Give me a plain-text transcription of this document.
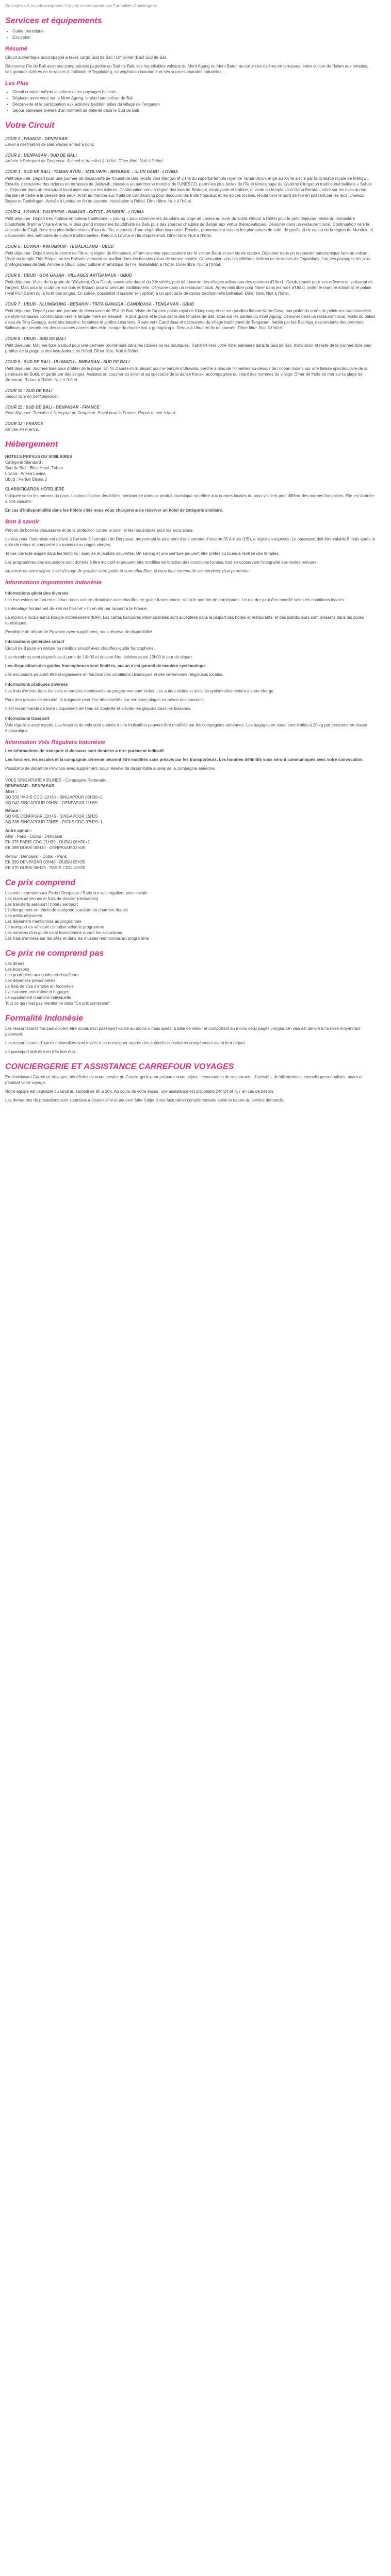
Description À ce prix comprend / Ce prix ne comprend pas Formalités Conciergerie
Services et équipements
• Guide touristique
• Excursion
Résumé

Circuit authentique accompagné à taxes cargo Sud de Bali ! Ombilinet (Bali) Sud de Bali

Découvrez l'île de Bali avec ses somptueuses pagodes au Sud de Bali, ses inoubliables volcans du Mont Agung ou Mont Batur, au cœur des rizières en terrasses, entre culture de l'islam aux temples, ses grandes rizières en terrasses à Jatiluwih et Tegalalang, sa végétation luxuriante et ses sources chaudes naturelles...

Les Plus
• Circuit complet mêlant la culture et les paysages balinais
• Déplacer avec vous sur le Mont Agung, le plus haut volcan de Bali
• Découverte et la participation aux activités traditionnelles du village de Tenganan
• Séjour balnéaire préféré d'un moment de détente dans le Sud de Bali
Votre Circuit
JOUR 1 : FRANCE - DENPASAR
Envol à destination de Bali. Repas et nuit à bord.
JOUR 2 : DENPASAR - SUD DE BALI
Arrivée à l'aéroport de Denpasar. Accueil et transfert à l'hôtel. Dîner libre. Nuit à l'hôtel.
JOUR 3 : SUD DE BALI - TAMAN AYUN - JATILUWIH - BEDUGUL - ULUN DANU - LOVINA

Petit déjeuner. Départ pour une journée de découverte de l'Ouest de Bali. Route vers Mengwi et visite du superbe temple royal de Taman Ayun, érigé au XVIIe siècle par la dynastie royale de Mengwi. Ensuite, découverte des rizières en terrasses de Jatiluwih, classées au patrimoine mondial de l'UNESCO, parmi les plus belles de l'île et témoignage du système d'irrigation traditionnel balinais « Subak ». Déjeuner dans un restaurant local avec vue sur les rizières. Continuation vers la région des lacs de Bedugul, verdoyante et fraîche, et visite du temple Ulun Danu Beratan, situé sur les rives du lac Beratan et dédié à la déesse des eaux. Arrêt au marché aux fruits de Candikuning pour découvrir les fruits tropicaux et les épices locales. Route vers le nord de l'île en passant par les lacs jumeaux Buyan et Tamblingan. Arrivée à Lovina en fin de journée. Installation à l'hôtel. Dîner libre. Nuit à l'hôtel.

JOUR 4 : LOVINA - DAUPHINS - BANJAR - GITGIT - MUNDUK - LOVINA

Petit déjeuner. Départ très matinal en bateau traditionnel « jukung » pour observer les dauphins au large de Lovina au lever du soleil. Retour à l'hôtel pour le petit déjeuner. Visite du monastère bouddhiste Brahma Vihara Arama, le plus grand monastère bouddhiste de Bali, puis des sources chaudes de Banjar aux vertus thérapeutiques. Déjeuner dans un restaurant local. Continuation vers la cascade de Gitgit, l'une des plus belles chutes d'eau de l'île, entourée d'une végétation luxuriante. Ensuite, promenade à travers les plantations de café, de girofle et de cacao de la région de Munduk, et découverte des méthodes de culture traditionnelles. Retour à Lovina en fin d'après-midi. Dîner libre. Nuit à l'hôtel.

JOUR 5 : LOVINA - KINTAMANI - TEGALALANG - UBUD

Petit déjeuner. Départ vers le centre de l'île et la région de Kintamani, offrant une vue spectaculaire sur le volcan Batur et son lac de cratère. Déjeuner dans un restaurant panoramique face au volcan. Visite du temple Tirta Empul, où les Balinais viennent se purifier dans les bassins d'eau de source sacrée. Continuation vers les célèbres rizières en terrasses de Tegalalang, l'un des paysages les plus photographiés de Bali. Arrivée à Ubud, cœur culturel et artistique de l'île. Installation à l'hôtel. Dîner libre. Nuit à l'hôtel.

JOUR 6 : UBUD - GOA GAJAH - VILLAGES ARTISANAUX - UBUD

Petit déjeuner. Visite de la grotte de l'éléphant, Goa Gajah, sanctuaire datant du XIe siècle, puis découverte des villages artisanaux des environs d'Ubud : Celuk, réputé pour ses orfèvres et l'artisanat de l'argent, Mas pour la sculpture sur bois et Batuan pour la peinture traditionnelle. Déjeuner dans un restaurant local. Après-midi libre pour flâner dans les rues d'Ubud, visiter le marché artisanal, le palais royal Puri Saren ou la forêt des singes. En soirée, possibilité d'assister (en option) à un spectacle de danse traditionnelle balinaise. Dîner libre. Nuit à l'hôtel.

JOUR 7 : UBUD - KLUNGKUNG - BESAKIH - TIRTA GANGGA - CANDIDASA - TENGANAN - UBUD

Petit déjeuner. Départ pour une journée de découverte de l'Est de Bali. Visite de l'ancien palais royal de Klungkung et de son pavillon flottant Kerta Gosa, aux plafonds ornés de peintures traditionnelles de style Kamasan. Continuation vers le temple mère de Besakih, le plus grand et le plus sacré des temples de Bali, situé sur les pentes du mont Agung. Déjeuner dans un restaurant local. Visite du palais d'eau de Tirta Gangga, avec ses bassins, fontaines et jardins luxuriants. Route vers Candidasa et découverte du village traditionnel de Tenganan, habité par les Bali Aga, descendants des premiers Balinais, qui perpétuent des coutumes ancestrales et le tissage du double ikat « geringsing ». Retour à Ubud en fin de journée. Dîner libre. Nuit à l'hôtel.

JOUR 8 : UBUD - SUD DE BALI

Petit déjeuner. Matinée libre à Ubud pour une dernière promenade dans les rizières ou les boutiques. Transfert vers votre hôtel balnéaire dans le Sud de Bali. Installation et reste de la journée libre pour profiter de la plage et des installations de l'hôtel. Dîner libre. Nuit à l'hôtel.

JOUR 9 : SUD DE BALI - ULUWATU - JIMBARAN - SUD DE BALI

Petit déjeuner. Journée libre pour profiter de la plage. En fin d'après-midi, départ pour le temple d'Uluwatu, perché à plus de 70 mètres au-dessus de l'océan Indien, sur une falaise spectaculaire de la péninsule de Bukit, et gardé par des singes. Assistez au coucher du soleil et au spectacle de la danse Kecak, accompagnée du chant des hommes du village. Dîner de fruits de mer sur la plage de Jimbaran. Retour à l'hôtel. Nuit à l'hôtel.

JOUR 10 : SUD DE BALI
Séjour libre en petit déjeuner.
JOUR 11 : SUD DE BALI - DENPASAR - FRANCE
Petit déjeuner. Transfert à l'aéroport de Denpasar. Envol pour la France. Repas et nuit à bord.
JOUR 12 : FRANCE
Arrivée en France.
Hébergement
HOTELS PRÉVUS OU SIMILAIRES
Catégorie Standard :
Sud de Bali : Bliss Hotel, Tuban
Lovina : Aneka Lovina
Ubud : Pertiwi Bisma 2
CLASSIFICATION HÔTELIÈRE

Indiquée selon les normes du pays. La classification des hôtels mentionnée dans ce produit touristique se réfère aux normes locales du pays visité et peut différer des normes françaises. Elle est donnée à titre indicatif.

En cas d'indisponibilité dans les hôtels cités nous vous chargerons de réserver un hôtel de catégorie similaire.

Bon à savoir

Prévoir de bonnes chaussures et de la protection contre le soleil et les moustiques pour les excursions.

Le visa pour l'Indonésie est délivré à l'arrivée à l'aéroport de Denpasar, moyennant le paiement d'une somme d'environ 35 dollars (US), à régler en espèces. Le passeport doit être valable 6 mois après la date de retour et comporter au moins deux pages vierges.

Tenue correcte exigée dans les temples : épaules et jambes couvertes. Un sarong et une ceinture peuvent être prêtés ou loués à l'entrée des temples.

Les programmes des excursions sont donnés à titre indicatif et peuvent être modifiés en fonction des conditions locales, tout en conservant l'intégralité des visites prévues.

Au terme de votre séjour, il est d'usage de gratifier votre guide et votre chauffeur, si vous êtes content de ses services, d'un pourboire.

Informations importantes Indonésie
Informations générales diverses

Les excursions se font en minibus ou en voiture climatisée avec chauffeur et guide francophone, selon le nombre de participants. Leur ordre peut être modifié selon les conditions locales.

Le décalage horaire est de +6h en hiver et +7h en été par rapport à la France.

La monnaie locale est la Roupie indonésienne (IDR). Les cartes bancaires internationales sont acceptées dans la plupart des hôtels et restaurants, et des distributeurs sont présents dans les zones touristiques.

Possibilité de départ de Province avec supplément, sous réserve de disponibilité.

Informations générales circuit

Circuit de 8 jours en voiture ou minibus privatif avec chauffeur-guide francophone.

Les chambres sont disponibles à partir de 14h00 et doivent être libérées avant 12h00 le jour du départ.

Les dispositions des guides francophones sont limitées, aucun n'est garanti de manière systématique.

Les excursions peuvent être réorganisées en fonction des conditions climatiques et des cérémonies religieuses locales.

Informations pratiques diverses

Les frais d'entrée dans les sites et temples mentionnés au programme sont inclus. Les autres visites et activités optionnelles restent à votre charge.

Pour des raisons de sécurité, la baignade peut être déconseillée sur certaines plages en raison des courants.

Il est recommandé de boire uniquement de l'eau en bouteille et d'éviter les glaçons dans les boissons.

Informations transport

Vols réguliers avec escale. Les horaires de vols sont donnés à titre indicatif et peuvent être modifiés par les compagnies aériennes. Les bagages en soute sont limités à 20 kg par personne en classe économique.

Information Vols Réguliers Indonésie

Les informations de transport ci-dessous sont données à titre purement indicatif.

Les horaires, les escales et la compagnie aérienne peuvent être modifiés sans préavis par les transporteurs. Les horaires définitifs vous seront communiqués avec votre convocation.

Possibilité de départ de Province avec supplément, sous réserve de disponibilité auprès de la compagnie aérienne.

VOLS SINGAPORE AIRLINES - Compagnie Partenaire :
DENPASAR - DENPASAR
Aller :

SQ 333 PARIS CDG 11H30 - SINGAPOUR 06H50+1

SQ 942 SINGAPOUR 09H20 - DENPASAR 11H55

Retour :

SQ 945 DENPASAR 12H45 - SINGAPOUR 15H25

SQ 336 SINGAPOUR 23H55 - PARIS CDG 07H20+1

Autre option :

Aller : Paris - Dubaï - Denpasar

EK 076 PARIS CDG 21H30 - DUBAÏ 06H30+1

EK 398 DUBAÏ 09H10 - DENPASAR 22H35

Retour : Denpasar - Dubaï - Paris

EK 399 DENPASAR 00H40 - DUBAÏ 05H35

EK 075 DUBAÏ 08H25 - PARIS CDG 13H20

Ce prix comprend
Les vols internationaux Paris / Denpasar / Paris sur vols réguliers avec escale
Les taxes aériennes et frais de dossier (révisables)
Les transferts aéroport / hôtel / aéroport
L'hébergement en hôtels de catégorie standard en chambre double
Les petits déjeuners
Les déjeuners mentionnés au programme
Le transport en véhicule climatisé selon le programme
Les services d'un guide local francophone durant les excursions
Les frais d'entrées sur les sites et dans les musées mentionnés au programme
Ce prix ne comprend pas
Les dîners
Les boissons
Les pourboires aux guides et chauffeurs
Les dépenses personnelles
Le frais de visa d'entrée en Indonésie
L'assurance annulation et bagages
Le supplément chambre individuelle
Tout ce qui n'est pas mentionné dans "Ce prix comprend"
Formalité Indonésie

Les ressortissants français doivent être munis d'un passeport valide au moins 6 mois après la date de retour et comportant au moins deux pages vierges. Un visa est délivré à l'arrivée moyennant paiement.

Les ressortissants d'autres nationalités sont invités à se renseigner auprès des autorités consulaires compétentes avant leur départ.

Le passeport doit être en très bon état.

CONCIERGERIE ET ASSISTANCE CARREFOUR VOYAGES

En choisissant Carrefour Voyages, bénéficiez de notre service de Conciergerie pour préparer votre séjour : réservations de restaurants, d'activités, de billetteries et conseils personnalisés, avant et pendant votre voyage.

Notre équipe est joignable du lundi au samedi de 9h à 20h. Au cours de votre séjour, une assistance est disponible 24h/24 et 7j/7 en cas de besoin.

Les demandes de prestations sont soumises à disponibilité et peuvent faire l'objet d'une facturation complémentaire selon la nature du service demandé.
